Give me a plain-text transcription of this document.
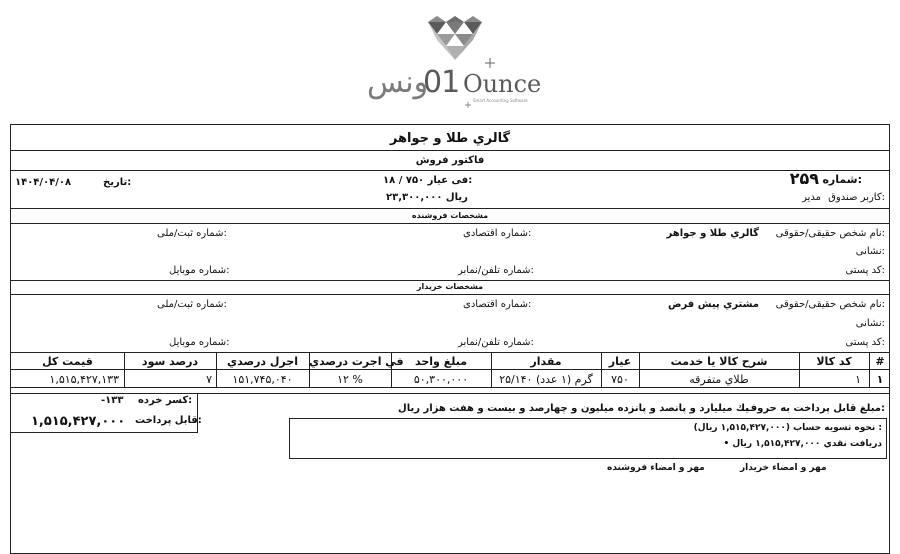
ونس
01 Ounce
Smart Accounting Software
گالري طلا و جواهر
فاکتور فروش
شماره:
۲۵۹
کاربر صندوق:
مدير
فی عیار ۷۵۰ / ۱۸:
۲۳,۳۰۰,۰۰۰ ريال
تاریخ:
۱۴۰۴/۰۴/۰۸
مشخصات فروشنده
نام شخص حقیقی/حقوقی:
گالري طلا و جواهر
شماره اقتصادی:
شماره ثبت/ملی:
نشانی:
کد پستی:
شماره تلفن/نمابر:
شماره موبایل:
مشخصات خريدار
نام شخص حقیقی/حقوقی:
مشتري پيش فرض
شماره اقتصادی:
شماره ثبت/ملی:
نشانی:
کد پستی:
شماره تلفن/نمابر:
شماره موبایل:
#
کد کالا
شرح کالا يا خدمت
عيار
مقدار
مبلغ واحد
في اجرت درصدي
اجرل درصدي
درصد سود
قیمت کل
۱
۱
طلاي متفرقه
۷۵۰
۲۵/۱۴۰ گرم (۱ عدد)
۵۰,۳۰۰,۰۰۰
۱۲ %
۱۵۱,۷۴۵,۰۴۰
۷
۱,۵۱۵,۴۲۷,۱۳۳
مبلغ قابل پرداخت به حروف:
يك ميليارد و پانصد و پانزده ميليون و چهارصد و بيست و هفت هزار ريال
کسر خرده:
-۱۳۳
قابل پرداخت:
۱,۵۱۵,۴۲۷,۰۰۰	نحوه تسويه حساب (۱,۵۱۵,۴۲۷,۰۰۰ ريال) :
• دريافت نقدي ۱,۵۱۵,۴۲۷,۰۰۰ ريال
مهر و امضاء خريدار
مهر و امضاء فروشنده
